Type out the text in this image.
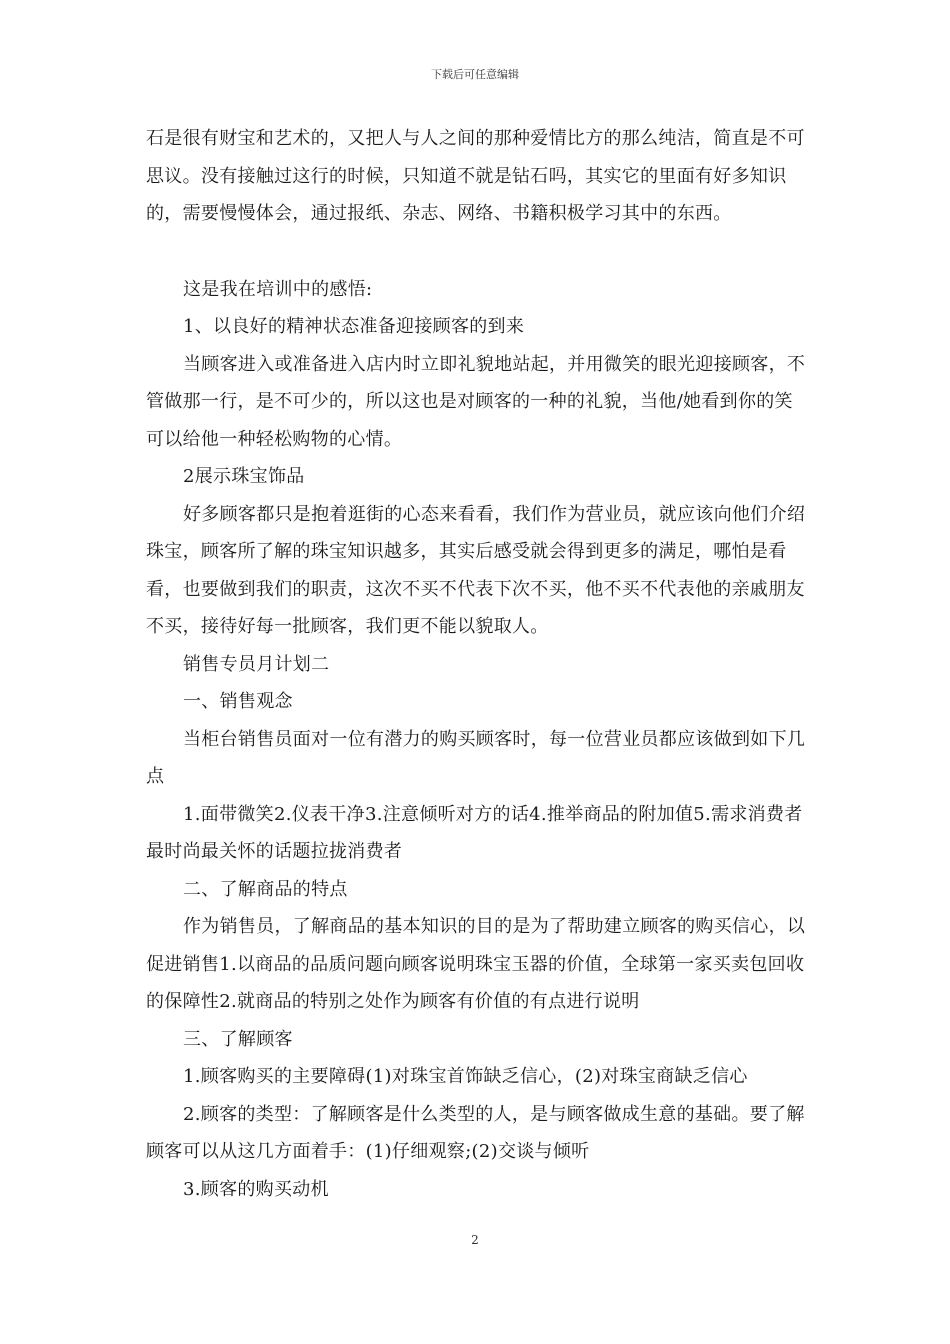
下载后可任意编辑

石是很有财宝和艺术的，又把人与人之间的那种爱情比方的那么纯洁，简直是不可思议。没有接触过这行的时候，只知道不就是钻石吗，其实它的里面有好多知识的，需要慢慢体会，通过报纸、杂志、网络、书籍积极学习其中的东西。

这是我在培训中的感悟:

1、以良好的精神状态准备迎接顾客的到来

当顾客进入或准备进入店内时立即礼貌地站起，并用微笑的眼光迎接顾客，不管做那一行，是不可少的，所以这也是对顾客的一种的礼貌，当他/她看到你的笑可以给他一种轻松购物的心情。

2展示珠宝饰品

好多顾客都只是抱着逛街的心态来看看，我们作为营业员，就应该向他们介绍珠宝，顾客所了解的珠宝知识越多，其实后感受就会得到更多的满足，哪怕是看看，也要做到我们的职责，这次不买不代表下次不买，他不买不代表他的亲戚朋友不买，接待好每一批顾客，我们更不能以貌取人。

销售专员月计划二

一、销售观念

当柜台销售员面对一位有潜力的购买顾客时，每一位营业员都应该做到如下几点

1.面带微笑2.仪表干净3.注意倾听对方的话4.推举商品的附加值5.需求消费者最时尚最关怀的话题拉拢消费者

二、了解商品的特点

作为销售员，了解商品的基本知识的目的是为了帮助建立顾客的购买信心，以促进销售1.以商品的品质问题向顾客说明珠宝玉器的价值，全球第一家买卖包回收的保障性2.就商品的特别之处作为顾客有价值的有点进行说明

三、了解顾客

1.顾客购买的主要障碍(1)对珠宝首饰缺乏信心，(2)对珠宝商缺乏信心

2.顾客的类型：了解顾客是什么类型的人，是与顾客做成生意的基础。要了解顾客可以从这几方面着手：(1)仔细观察;(2)交谈与倾听

3.顾客的购买动机

2
